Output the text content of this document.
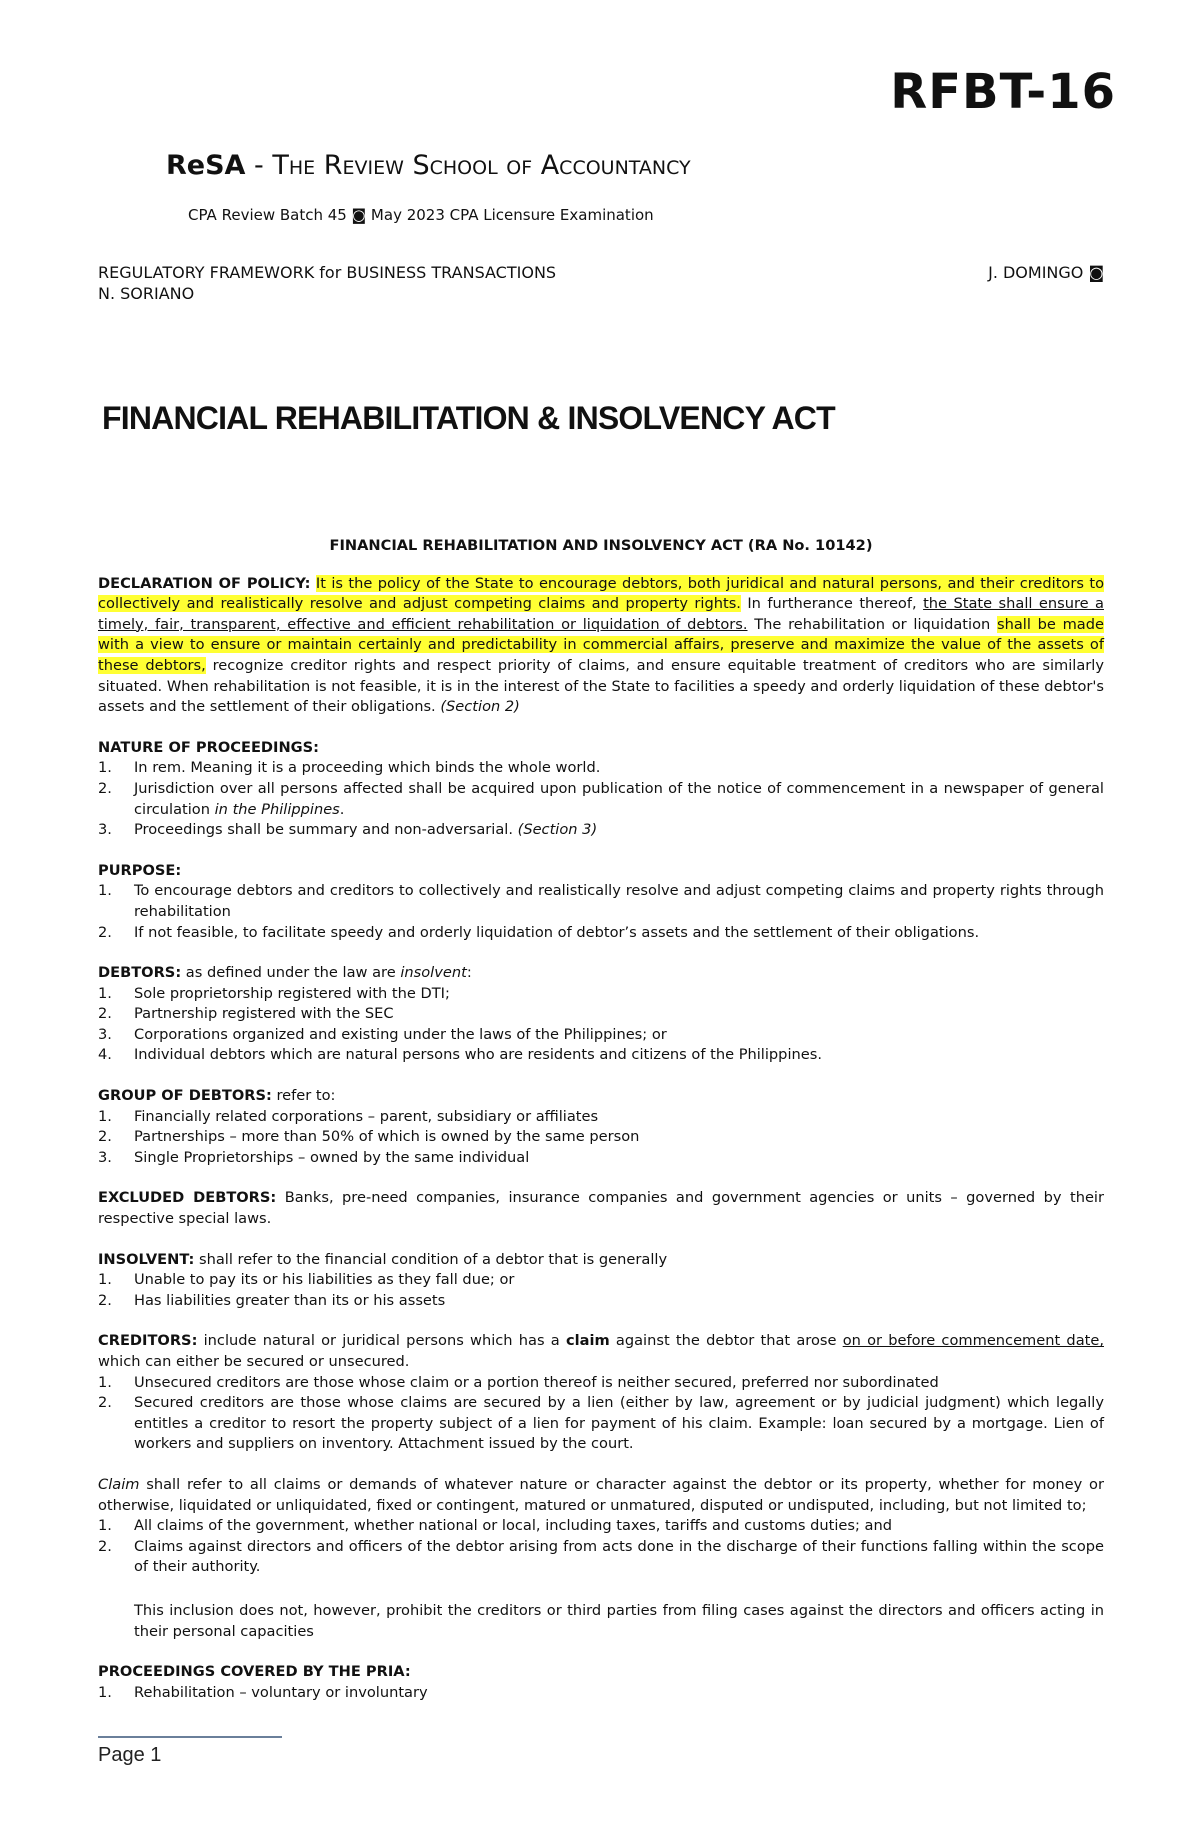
RFBT-16
ReSA - The Review School of Accountancy
CPA Review Batch 45 ◙ May 2023 CPA Licensure Examination
REGULATORY FRAMEWORK for BUSINESS TRANSACTIONS	J. DOMINGO ◙
N. SORIANO
FINANCIAL REHABILITATION & INSOLVENCY ACT
FINANCIAL REHABILITATION AND INSOLVENCY ACT (RA No. 10142)

DECLARATION OF POLICY: It is the policy of the State to encourage debtors, both juridical and natural persons, and their creditors to collectively and realistically resolve and adjust competing claims and property rights. In furtherance thereof, the State shall ensure a timely, fair, transparent, effective and efficient rehabilitation or liquidation of debtors. The rehabilitation or liquidation shall be made with a view to ensure or maintain certainly and predictability in commercial affairs, preserve and maximize the value of the assets of these debtors, recognize creditor rights and respect priority of claims, and ensure equitable treatment of creditors who are similarly situated. When rehabilitation is not feasible, it is in the interest of the State to facilities a speedy and orderly liquidation of these debtor's assets and the settlement of their obligations. (Section 2)

NATURE OF PROCEEDINGS:
1. In rem. Meaning it is a proceeding which binds the whole world.
2. Jurisdiction over all persons affected shall be acquired upon publication of the notice of commencement in a newspaper of general circulation in the Philippines.
3. Proceedings shall be summary and non-adversarial. (Section 3)
PURPOSE:
1. To encourage debtors and creditors to collectively and realistically resolve and adjust competing claims and property rights through rehabilitation
2. If not feasible, to facilitate speedy and orderly liquidation of debtor’s assets and the settlement of their obligations.
DEBTORS: as defined under the law are insolvent:
1. Sole proprietorship registered with the DTI;
2. Partnership registered with the SEC
3. Corporations organized and existing under the laws of the Philippines; or
4. Individual debtors which are natural persons who are residents and citizens of the Philippines.
GROUP OF DEBTORS: refer to:
1. Financially related corporations – parent, subsidiary or affiliates
2. Partnerships – more than 50% of which is owned by the same person
3. Single Proprietorships – owned by the same individual

EXCLUDED DEBTORS: Banks, pre-need companies, insurance companies and government agencies or units – governed by their respective special laws.

INSOLVENT: shall refer to the financial condition of a debtor that is generally
1. Unable to pay its or his liabilities as they fall due; or
2. Has liabilities greater than its or his assets

CREDITORS: include natural or juridical persons which has a claim against the debtor that arose on or before commencement date, which can either be secured or unsecured.

1. Unsecured creditors are those whose claim or a portion thereof is neither secured, preferred nor subordinated
2. Secured creditors are those whose claims are secured by a lien (either by law, agreement or by judicial judgment) which legally entitles a creditor to resort the property subject of a lien for payment of his claim. Example: loan secured by a mortgage. Lien of workers and suppliers on inventory. Attachment issued by the court.

Claim shall refer to all claims or demands of whatever nature or character against the debtor or its property, whether for money or otherwise, liquidated or unliquidated, fixed or contingent, matured or unmatured, disputed or undisputed, including, but not limited to;

1. All claims of the government, whether national or local, including taxes, tariffs and customs duties; and
2. Claims against directors and officers of the debtor arising from acts done in the discharge of their functions falling within the scope of their authority.
This inclusion does not, however, prohibit the creditors or third parties from filing cases against the directors and officers acting in their personal capacities
PROCEEDINGS COVERED BY THE PRIA:
1. Rehabilitation – voluntary or involuntary
Page 1
